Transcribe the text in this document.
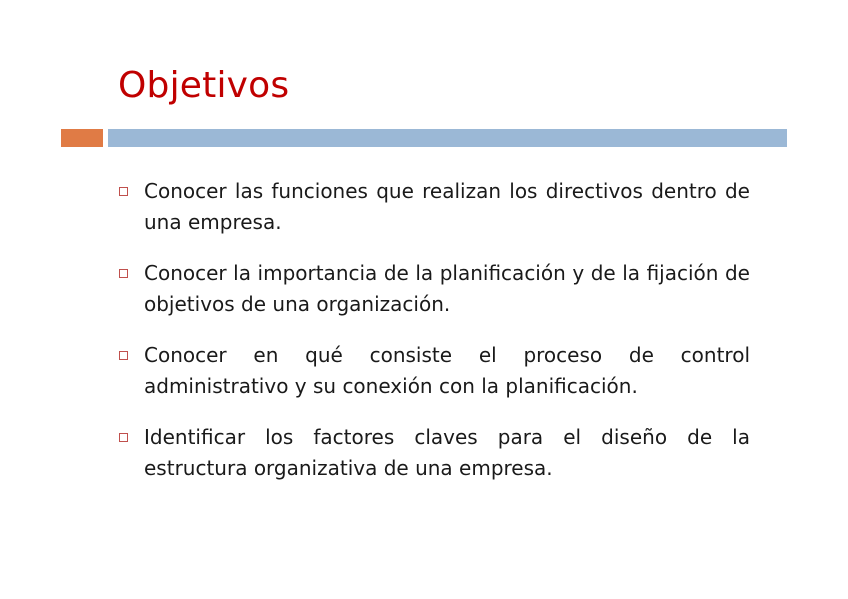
Objetivos
Conocer las funciones que realizan los directivos dentro de una empresa.
Conocer la importancia de la planificación y de la fijación de objetivos de una organización.
Conocer en qué consiste el proceso de control administrativo y su conexión con la planificación.
Identificar los factores claves para el diseño de la estructura organizativa de una empresa.
